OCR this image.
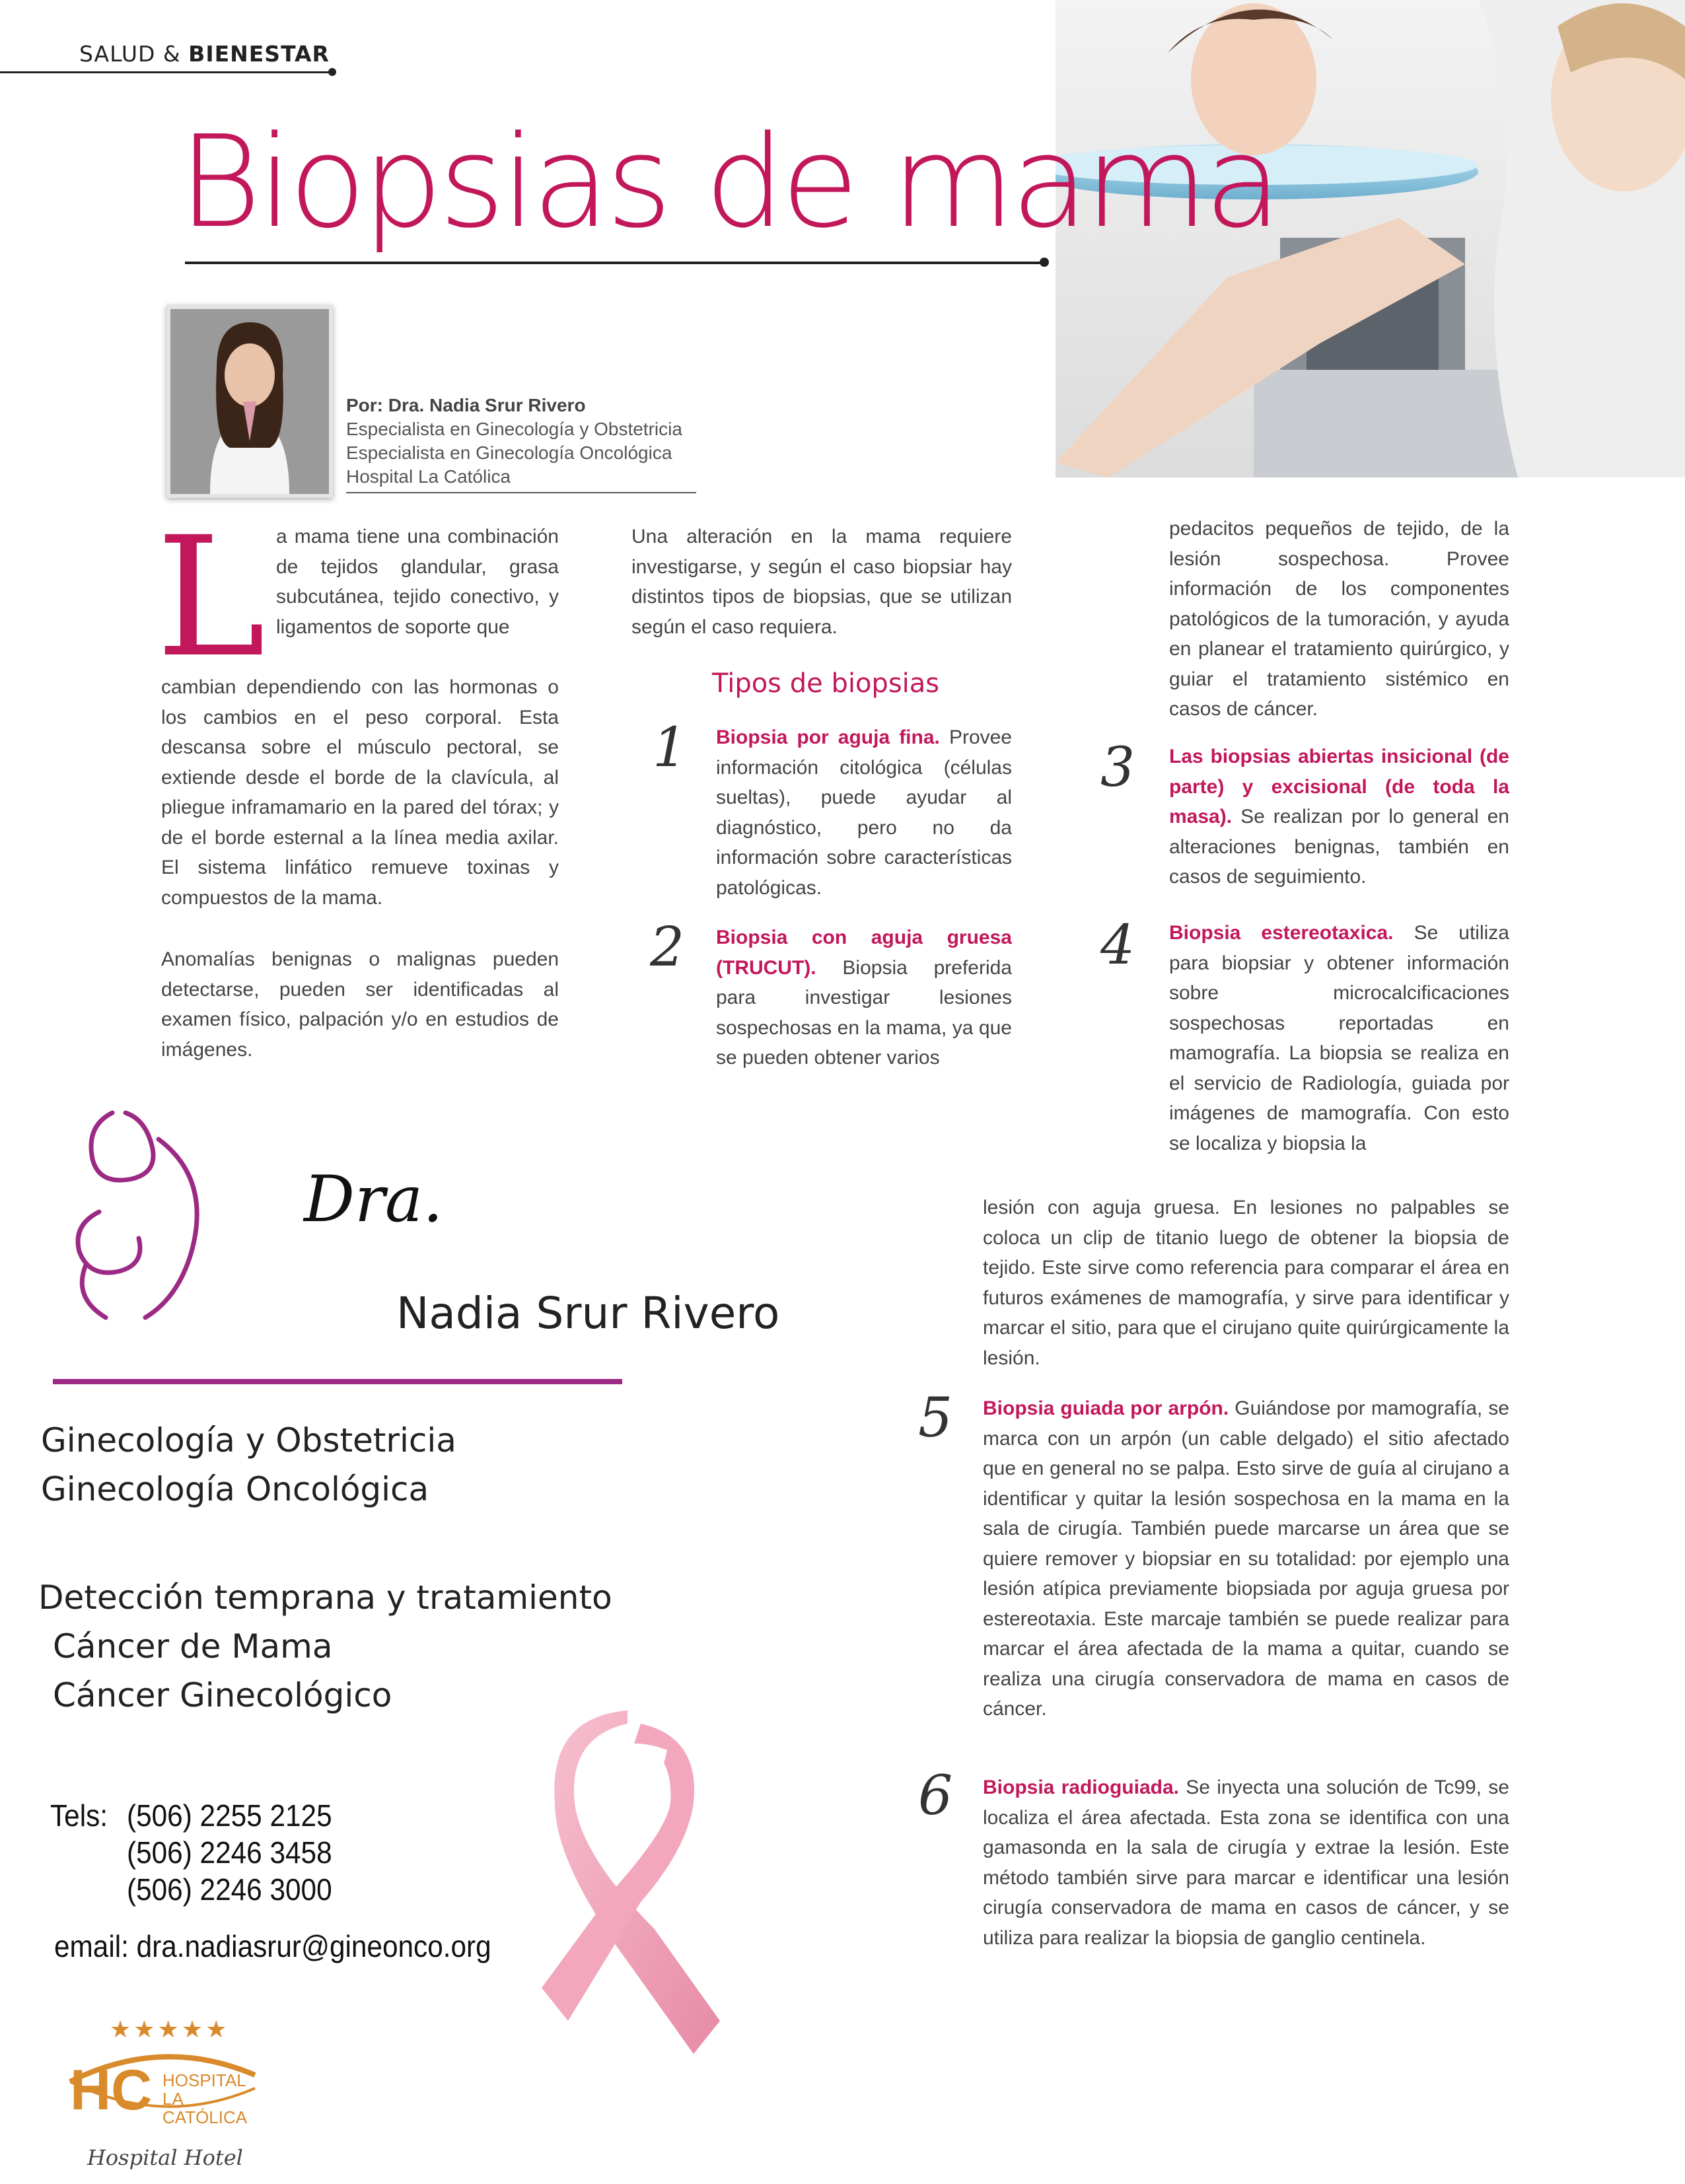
SALUD & BIENESTAR
Biopsias de mama
Por: Dra. Nadia Srur Rivero
Especialista en Ginecología y Obstetricia
Especialista en Ginecología Oncológica
Hospital La Católica
L a mama tiene una combinación de tejidos glandular, grasa subcutánea, tejido conectivo, y ligamentos de soporte que
cambian dependiendo con las hormonas o los cambios en el peso corporal. Esta descansa sobre el músculo pectoral, se extiende desde el borde de la clavícula, al pliegue inframamario en la pared del tórax; y de el borde esternal a la línea media axilar. El sistema linfático remueve toxinas y compuestos de la mama.
Anomalías benignas o malignas pueden detectarse, pueden ser identificadas al examen físico, palpación y/o en estudios de imágenes.
Una alteración en la mama requiere investigarse, y según el caso biopsiar hay distintos tipos de biopsias, que se utilizan según el caso requiera.
Tipos de biopsias
1 Biopsia por aguja fina. Provee información citológica (células sueltas), puede ayudar al diagnóstico, pero no da información sobre características patológicas.
2 Biopsia con aguja gruesa (TRUCUT). Biopsia preferida para investigar lesiones sospechosas en la mama, ya que se pueden obtener varios
pedacitos pequeños de tejido, de la lesión sospechosa. Provee información de los componentes patológicos de la tumoración, y ayuda en planear el tratamiento quirúrgico, y guiar el tratamiento sistémico en casos de cáncer.
3 Las biopsias abiertas insicional (de parte) y excisional (de toda la masa). Se realizan por lo general en alteraciones benignas, también en casos de seguimiento.
4 Biopsia estereotaxica. Se utiliza para biopsiar y obtener información sobre microcalcificaciones sospechosas reportadas en mamografía. La biopsia se realiza en el servicio de Radiología, guiada por imágenes de mamografía. Con esto se localiza y biopsia la
lesión con aguja gruesa. En lesiones no palpables se coloca un clip de titanio luego de obtener la biopsia de tejido. Este sirve como referencia para comparar el área en futuros exámenes de mamografía, y sirve para identificar y marcar el sitio, para que el cirujano quite quirúrgicamente la lesión.
5 Biopsia guiada por arpón. Guiándose por mamografía, se marca con un arpón (un cable delgado) el sitio afectado que en general no se palpa. Esto sirve de guía al cirujano a identificar y quitar la lesión sospechosa en la mama en la sala de cirugía. También puede marcarse un área que se quiere remover y biopsiar en su totalidad: por ejemplo una lesión atípica previamente biopsiada por aguja gruesa por estereotaxia. Este marcaje también se puede realizar para marcar el área afectada de la mama a quitar, cuando se realiza una cirugía conservadora de mama en casos de cáncer.
6 Biopsia radioguiada. Se inyecta una solución de Tc99, se localiza el área afectada. Esta zona se identifica con una gamasonda en la sala de cirugía y extrae la lesión. Este método también sirve para marcar e identificar una lesión cirugía conservadora de mama en casos de cáncer, y se utiliza para realizar la biopsia de ganglio centinela.
Dra.
Nadia Srur Rivero
Ginecología y Obstetricia
Ginecología Oncológica
Detección temprana y tratamiento
Cáncer de Mama
Cáncer Ginecológico
Tels: (506) 2255 2125
(506) 2246 3458
(506) 2246 3000
email: dra.nadiasrur@gineonco.org
★★★★★
HC HOSPITAL
LA CATÓLICA
Hospital Hotel
